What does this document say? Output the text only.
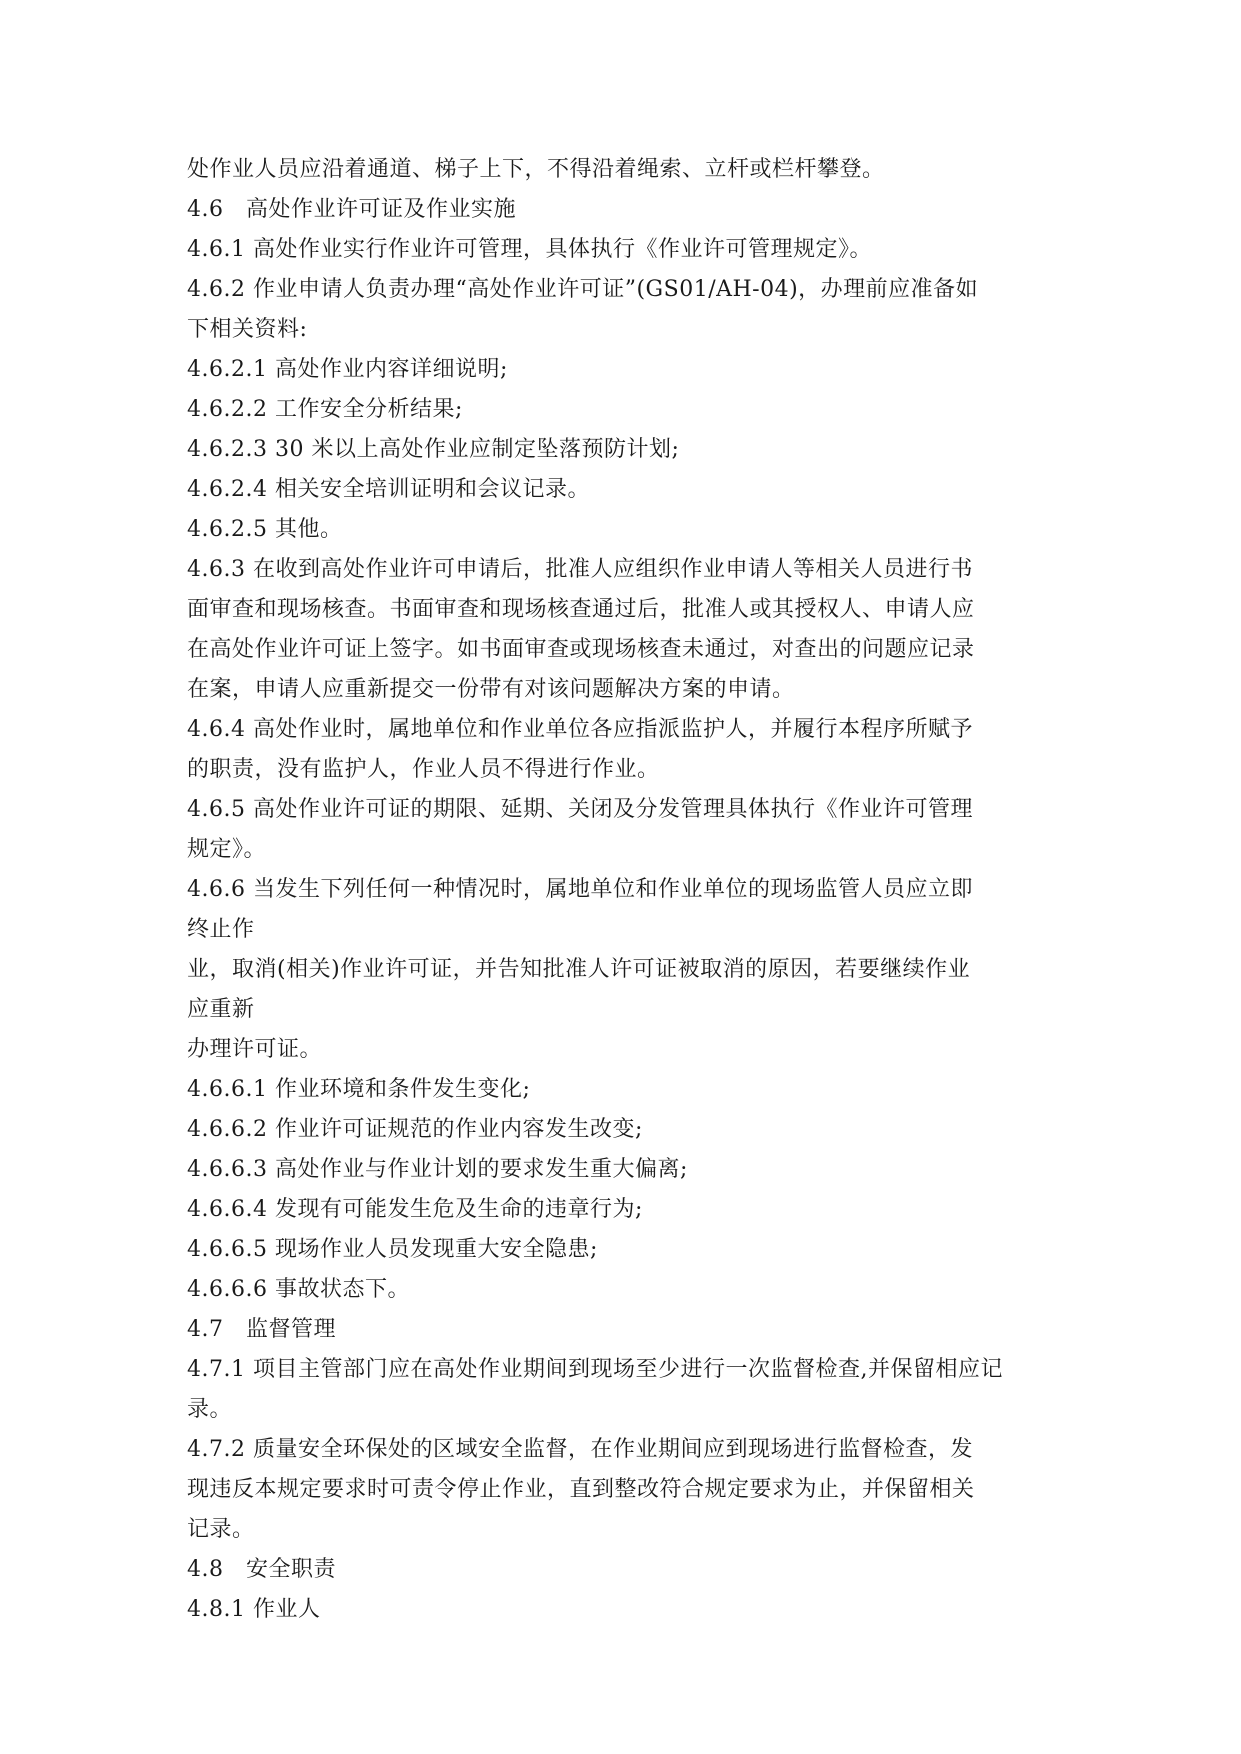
处作业人员应沿着通道、梯子上下，不得沿着绳索、立杆或栏杆攀登。
4.6　高处作业许可证及作业实施
4.6.1 高处作业实行作业许可管理，具体执行《作业许可管理规定》。
4.6.2 作业申请人负责办理“高处作业许可证”(GS01/AH-04)，办理前应准备如
下相关资料:
4.6.2.1 高处作业内容详细说明;
4.6.2.2 工作安全分析结果;
4.6.2.3 30 米以上高处作业应制定坠落预防计划;
4.6.2.4 相关安全培训证明和会议记录。
4.6.2.5 其他。
4.6.3 在收到高处作业许可申请后，批准人应组织作业申请人等相关人员进行书
面审查和现场核查。书面审查和现场核查通过后，批准人或其授权人、申请人应
在高处作业许可证上签字。如书面审查或现场核查未通过，对查出的问题应记录
在案，申请人应重新提交一份带有对该问题解决方案的申请。
4.6.4 高处作业时，属地单位和作业单位各应指派监护人，并履行本程序所赋予
的职责，没有监护人，作业人员不得进行作业。
4.6.5 高处作业许可证的期限、延期、关闭及分发管理具体执行《作业许可管理
规定》。
4.6.6 当发生下列任何一种情况时，属地单位和作业单位的现场监管人员应立即
终止作
业，取消(相关)作业许可证，并告知批准人许可证被取消的原因，若要继续作业
应重新
办理许可证。
4.6.6.1 作业环境和条件发生变化;
4.6.6.2 作业许可证规范的作业内容发生改变;
4.6.6.3 高处作业与作业计划的要求发生重大偏离;
4.6.6.4 发现有可能发生危及生命的违章行为;
4.6.6.5 现场作业人员发现重大安全隐患;
4.6.6.6 事故状态下。
4.7　监督管理
4.7.1 项目主管部门应在高处作业期间到现场至少进行一次监督检查,并保留相应记
录。
4.7.2 质量安全环保处的区域安全监督，在作业期间应到现场进行监督检查，发
现违反本规定要求时可责令停止作业，直到整改符合规定要求为止，并保留相关
记录。
4.8　安全职责
4.8.1 作业人
